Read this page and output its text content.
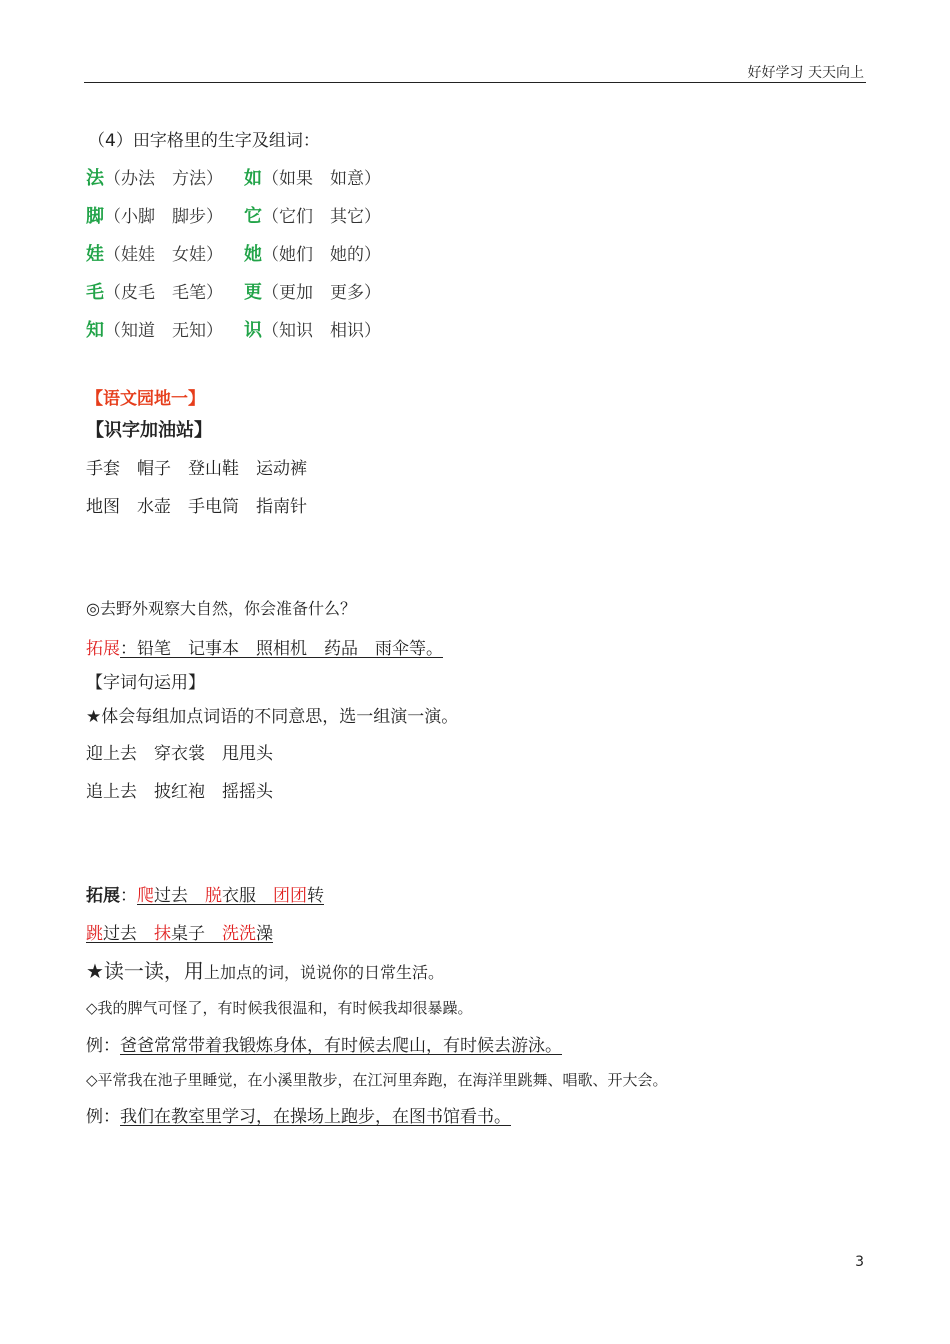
好好学习 天天向上
（4）田字格里的生字及组词：
法（办法　方法） 如（如果　如意）
脚（小脚　脚步） 它（它们　其它）
娃（娃娃　女娃） 她（她们　她的）
毛（皮毛　毛笔） 更（更加　更多）
知（知道　无知） 识（知识　相识）
【语文园地一】
【识字加油站】
手套　帽子　登山鞋　运动裤
地图　水壶　手电筒　指南针
◎去野外观察大自然，你会准备什么？
拓展：铅笔　记事本　照相机　药品　雨伞等。
【字词句运用】
★体会每组加点词语的不同意思，选一组演一演。
迎上去　穿衣裳　甩甩头
追上去　披红袍　摇摇头
拓展：爬过去　脱衣服　团团转
跳过去　抹桌子　洗洗澡
★读一读，用上加点的词，说说你的日常生活。
◇我的脾气可怪了，有时候我很温和，有时候我却很暴躁。
例：爸爸常常带着我锻炼身体，有时候去爬山，有时候去游泳。
◇平常我在池子里睡觉，在小溪里散步，在江河里奔跑，在海洋里跳舞、唱歌、开大会。
例：我们在教室里学习，在操场上跑步，在图书馆看书。
3
